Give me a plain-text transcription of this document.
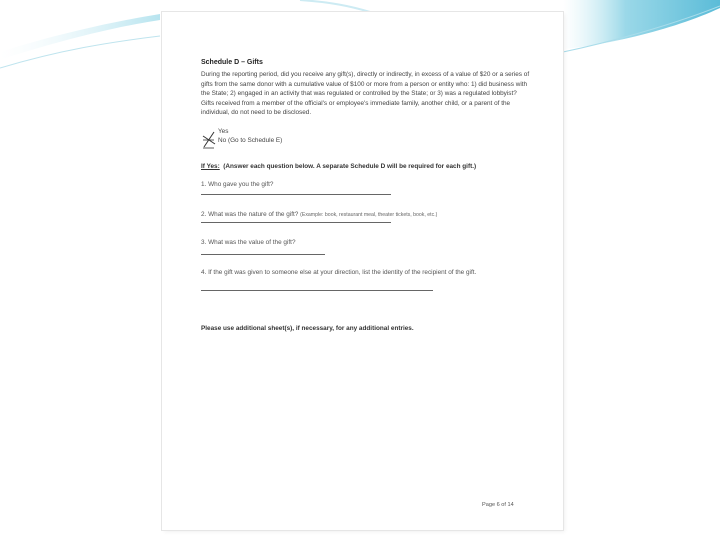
Schedule D – Gifts

During the reporting period, did you receive any gift(s), directly or indirectly, in excess of a value of $20 or a series of gifts from the same donor with a cumulative value of $100 or more from a person or entity who: 1) did business with the State; 2) engaged in an activity that was regulated or controlled by the State; or 3) was a regulated lobbyist? Gifts received from a member of the official's or employee's immediate family, another child, or a parent of the individual, do not need to be disclosed.

Yes
No (Go to Schedule E)

If Yes: (Answer each question below. A separate Schedule D will be required for each gift.)

1. Who gave you the gift?

2. What was the nature of the gift? (Example: book, restaurant meal, theater tickets, book, etc.)

3. What was the value of the gift?

4. If the gift was given to someone else at your direction, list the identity of the recipient of the gift.

Please use additional sheet(s), if necessary, for any additional entries.

Page 6 of 14
